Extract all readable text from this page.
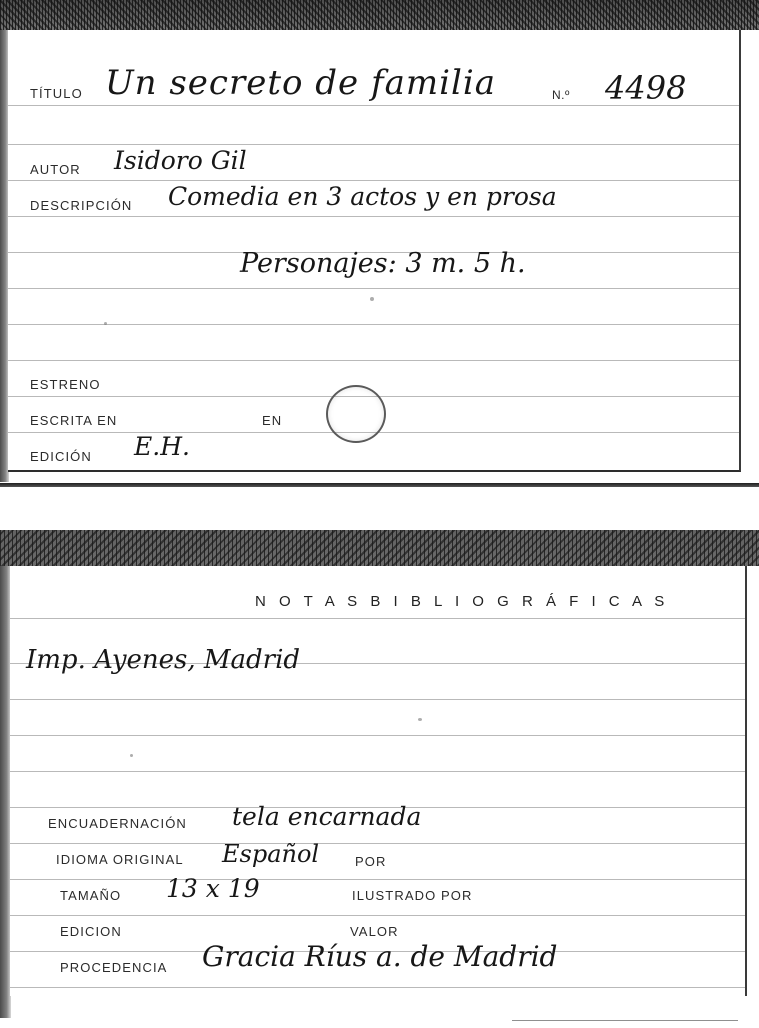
TÍTULO Un secreto de familia	N.º 4498
AUTOR Isidoro Gil
DESCRIPCIÓN Comedia en 3 actos y en prosa
Personajes: 3 m. 5 h.
ESTRENO
ESCRITA EN	EN
EDICIÓN E.H.
N O T A S B I B L I O G R Á F I C A S
Imp. Ayenes, Madrid
ENCUADERNACIÓN tela encarnada
IDIOMA ORIGINAL Español	POR
TAMAÑO 13 x 19	ILUSTRADO POR
EDICION	VALOR
PROCEDENCIA Gracia Ríus a. de Madrid
